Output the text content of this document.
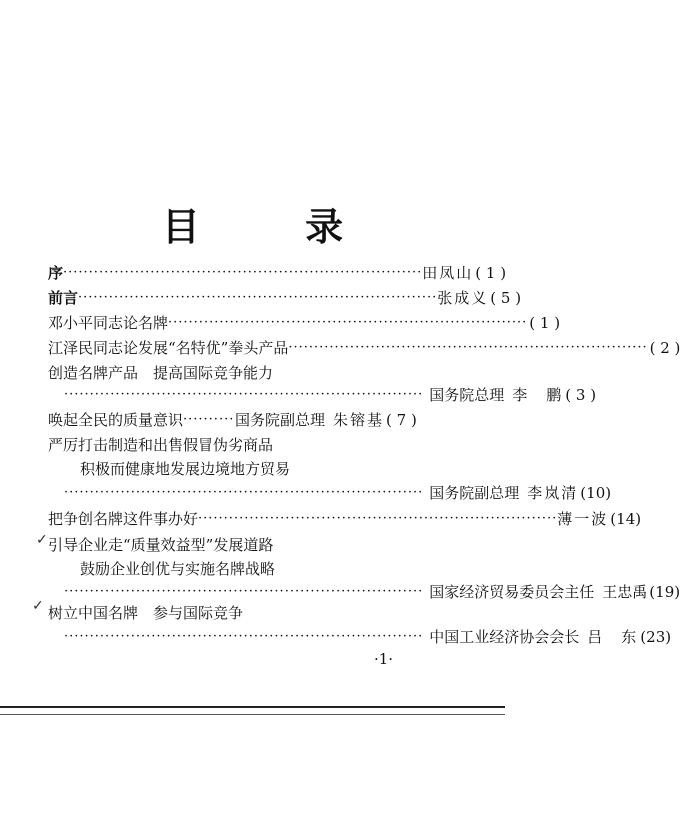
目 录
序 ······································································ 田凤山 ( 1 )
前言 ······································································ 张成义 ( 5 )
邓小平同志论名牌 ······································································ ( 1 )
江泽民同志论发展“名特优”拳头产品 ······································································ ( 2 )
创造名牌产品　提高国际竞争能力
······································································ 国务院总理 李　鹏 ( 3 )
唤起全民的质量意识 ·········· 国务院副总理 朱镕基 ( 7 )
严厉打击制造和出售假冒伪劣商品
积极而健康地发展边境地方贸易
······································································ 国务院副总理 李岚清 (10)
把争创名牌这件事办好 ······································································ 薄一波 (14)
✓ 引导企业走“质量效益型”发展道路
鼓励企业创优与实施名牌战略
······································································ 国家经济贸易委员会主任 王忠禹 (19)
✓ 树立中国名牌　参与国际竞争
······································································ 中国工业经济协会会长 吕　东 (23)
·1·
